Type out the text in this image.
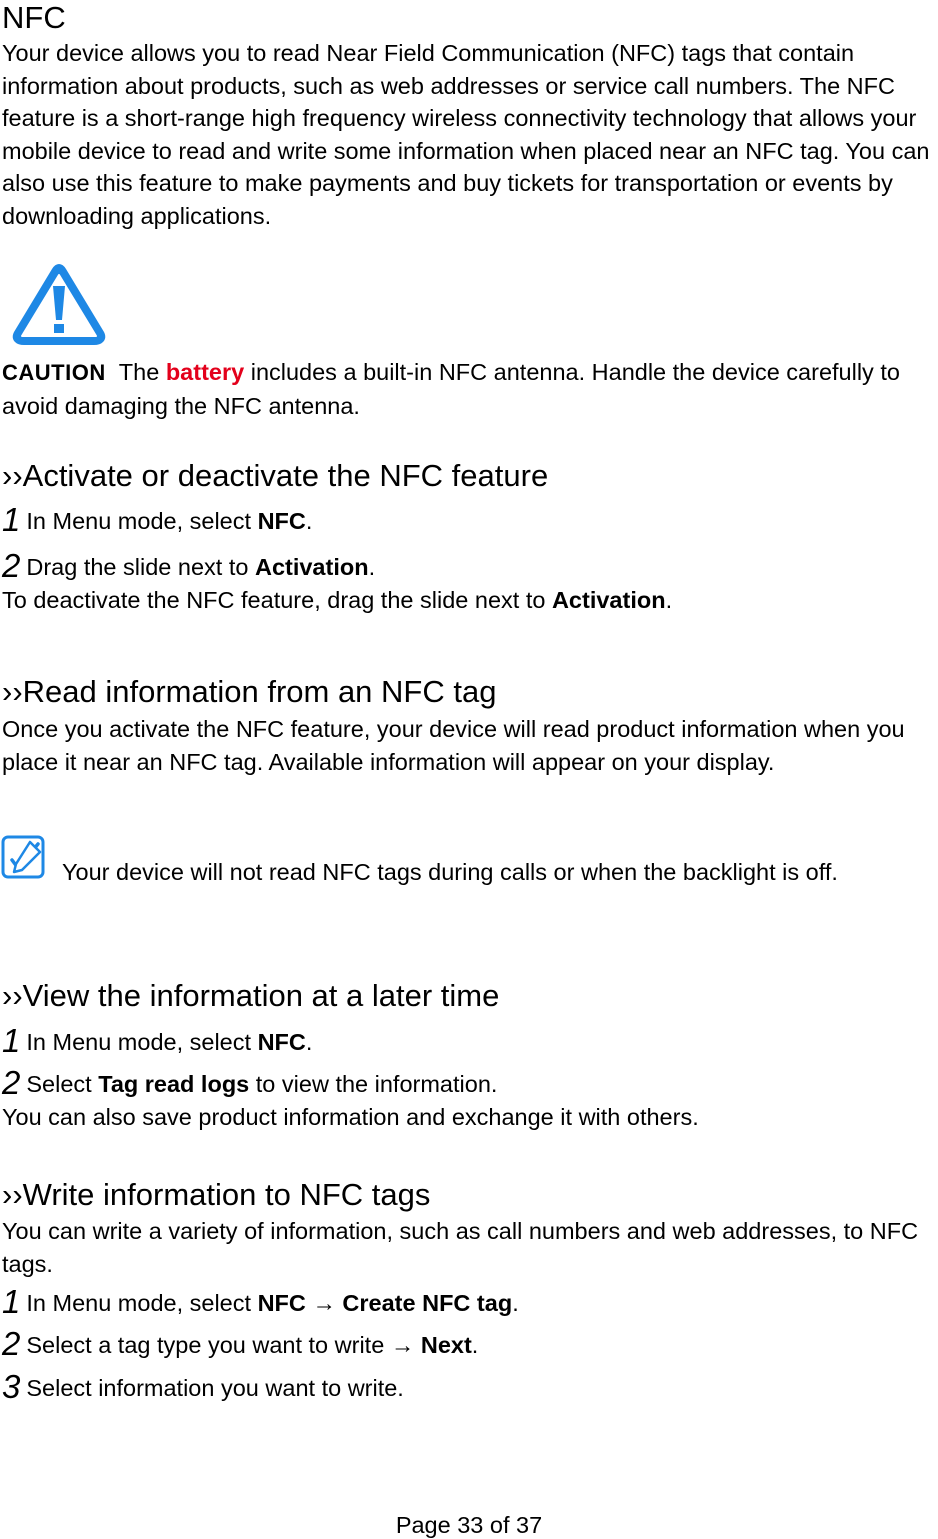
NFC

Your device allows you to read Near Field Communication (NFC) tags that contain information about products, such as web addresses or service call numbers. The NFC feature is a short-range high frequency wireless connectivity technology that allows your mobile device to read and write some information when placed near an NFC tag. You can also use this feature to make payments and buy tickets for transportation or events by downloading applications.

CAUTION The battery includes a built-in NFC antenna. Handle the device carefully to avoid damaging the NFC antenna.

››Activate or deactivate the NFC feature
1 In Menu mode, select NFC.
2 Drag the slide next to Activation.
To deactivate the NFC feature, drag the slide next to Activation.
››Read information from an NFC tag

Once you activate the NFC feature, your device will read product information when you place it near an NFC tag. Available information will appear on your display.

Your device will not read NFC tags during calls or when the backlight is off.

››View the information at a later time
1 In Menu mode, select NFC.
2 Select Tag read logs to view the information.
You can also save product information and exchange it with others.
››Write information to NFC tags

You can write a variety of information, such as call numbers and web addresses, to NFC tags.

1 In Menu mode, select NFC → Create NFC tag.
2 Select a tag type you want to write → Next.
3 Select information you want to write.
Page 33 of 37
